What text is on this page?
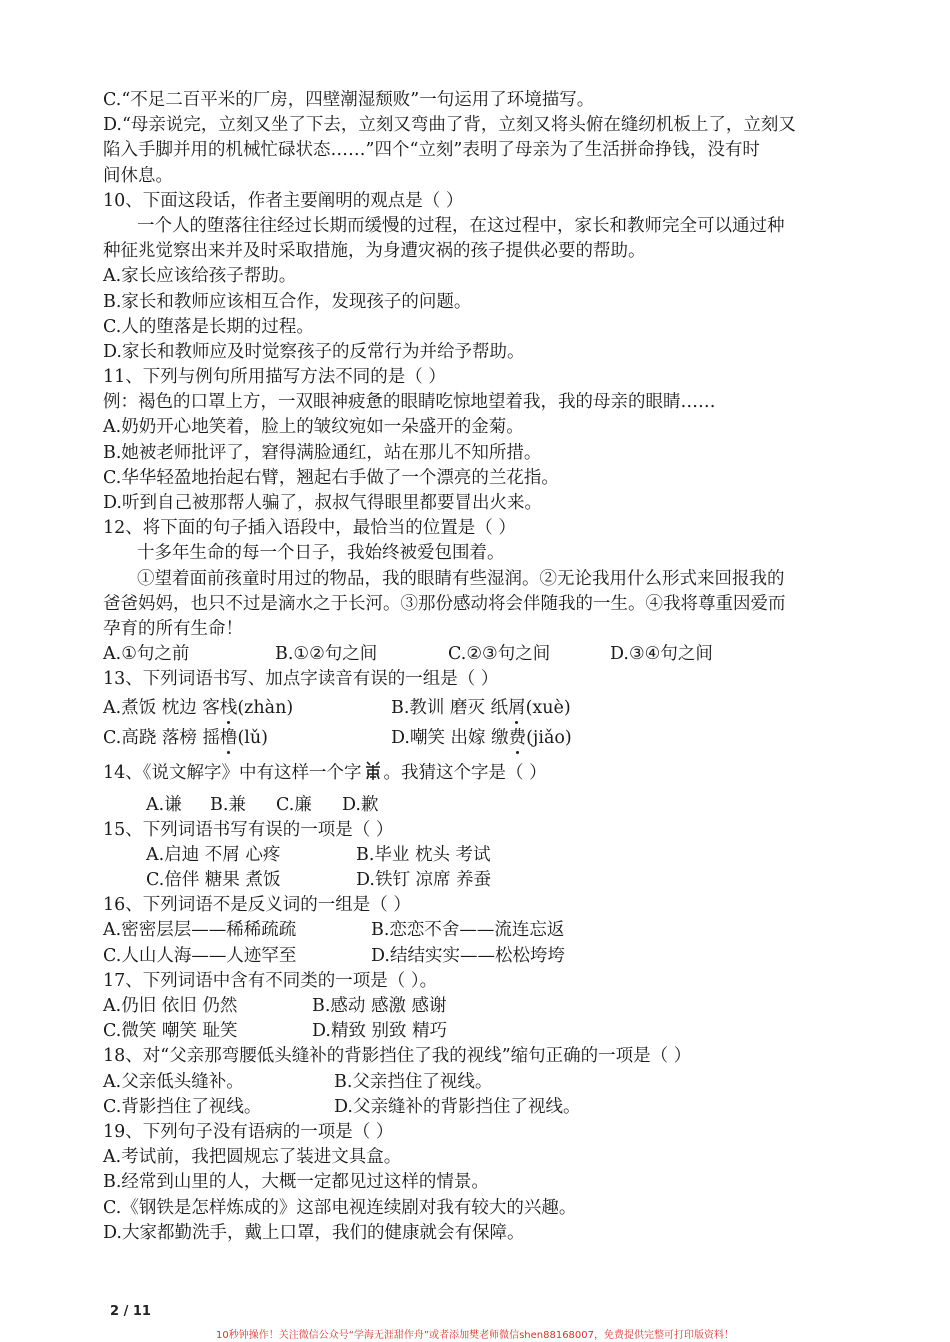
C.“不足二百平米的厂房，四壁潮湿颓败”一句运用了环境描写。
D.“母亲说完，立刻又坐了下去，立刻又弯曲了背，立刻又将头俯在缝纫机板上了，立刻又
陷入手脚并用的机械忙碌状态……”四个“立刻”表明了母亲为了生活拼命挣钱，没有时
间休息。
10、下面这段话，作者主要阐明的观点是（ ）
一个人的堕落往往经过长期而缓慢的过程，在这过程中，家长和教师完全可以通过种
种征兆觉察出来并及时采取措施，为身遭灾祸的孩子提供必要的帮助。
A.家长应该给孩子帮助。
B.家长和教师应该相互合作，发现孩子的问题。
C.人的堕落是长期的过程。
D.家长和教师应及时觉察孩子的反常行为并给予帮助。
11、下列与例句所用描写方法不同的是（ ）
例：褐色的口罩上方，一双眼神疲惫的眼睛吃惊地望着我，我的母亲的眼睛……
A.奶奶开心地笑着，脸上的皱纹宛如一朵盛开的金菊。
B.她被老师批评了，窘得满脸通红，站在那儿不知所措。
C.华华轻盈地抬起右臂，翘起右手做了一个漂亮的兰花指。
D.听到自己被那帮人骗了，叔叔气得眼里都要冒出火来。
12、将下面的句子插入语段中，最恰当的位置是（ ）
十多年生命的每一个日子，我始终被爱包围着。
①望着面前孩童时用过的物品，我的眼睛有些湿润。②无论我用什么形式来回报我的
爸爸妈妈，也只不过是滴水之于长河。③那份感动将会伴随我的一生。④我将尊重因爱而
孕育的所有生命！
A.①句之前	B.①②句之间	C.②③句之间	D.③④句之间
13、下列词语书写、加点字读音有误的一组是（ ）
A.煮饭 枕边 客栈(zhàn)	B.教训 磨灭 纸屑(xuè)
C.高跷 落榜 摇橹(lǔ)	D.嘲笑 出嫁 缴费(jiǎo)
14、《说文解字》中有这样一个字 。我猜这个字是（ ）
A.谦	B.兼	C.廉	D.歉
15、下列词语书写有误的一项是（ ）
A.启迪 不屑 心疼	B.毕业 枕头 考试
C.倍伴 糖果 煮饭	D.铁钉 凉席 养蚕
16、下列词语不是反义词的一组是（ ）
A.密密层层——稀稀疏疏	B.恋恋不舍——流连忘返
C.人山人海——人迹罕至	D.结结实实——松松垮垮
17、下列词语中含有不同类的一项是（ ）。
A.仍旧 依旧 仍然	B.感动 感激 感谢
C.微笑 嘲笑 耻笑	D.精致 别致 精巧
18、对“父亲那弯腰低头缝补的背影挡住了我的视线”缩句正确的一项是（ ）
A.父亲低头缝补。	B.父亲挡住了视线。
C.背影挡住了视线。	D.父亲缝补的背影挡住了视线。
19、下列句子没有语病的一项是（ ）
A.考试前，我把圆规忘了装进文具盒。
B.经常到山里的人，大概一定都见过这样的情景。
C.《钢铁是怎样炼成的》这部电视连续剧对我有较大的兴趣。
D.大家都勤洗手，戴上口罩，我们的健康就会有保障。
2 / 11
10秒钟操作！关注微信公众号“学海无涯甜作舟”或者添加樊老师微信shen88168007，免费提供完整可打印版资料！
